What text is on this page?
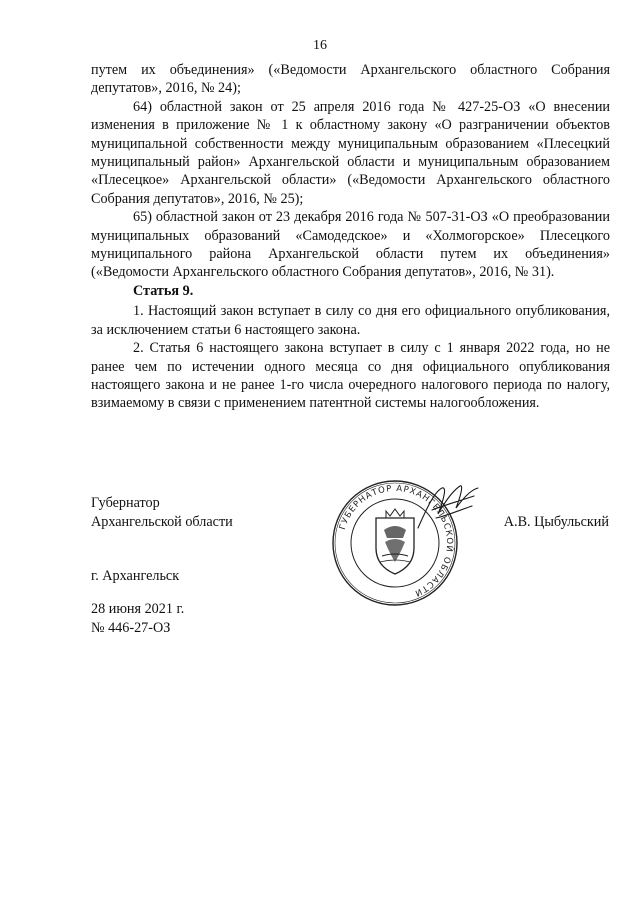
16

путем их объединения» («Ведомости Архангельского областного Собрания депутатов», 2016, № 24);

64) областной закон от 25 апреля 2016 года № 427-25-ОЗ «О внесении изменения в приложение № 1 к областному закону «О разграничении объектов муниципальной собственности между муниципальным образованием «Плесецкий муниципальный район» Архангельской области и муниципальным образованием «Плесецкое» Архангельской области» («Ведомости Архангельского областного Собрания депутатов», 2016, № 25);

65) областной закон от 23 декабря 2016 года № 507-31-ОЗ «О преобразовании муниципальных образований «Самодедское» и «Холмогорское» Плесецкого муниципального района Архангельской области путем их объединения» («Ведомости Архангельского областного Собрания депутатов», 2016, № 31).

Статья 9.

1. Настоящий закон вступает в силу со дня его официального опубликования, за исключением статьи 6 настоящего закона.

2. Статья 6 настоящего закона вступает в силу с 1 января 2022 года, но не ранее чем по истечении одного месяца со дня официального опубликования настоящего закона и не ранее 1-го числа очередного налогового периода по налогу, взимаемому в связи с применением патентной системы налогообложения.

Губернатор
Архангельской области	ГУБЕРНАТОР АРХАНГЕЛЬСКОЙ ОБЛАСТИ
А.В. Цыбульский
г. Архангельск
28 июня 2021 г.
№ 446-27-ОЗ
